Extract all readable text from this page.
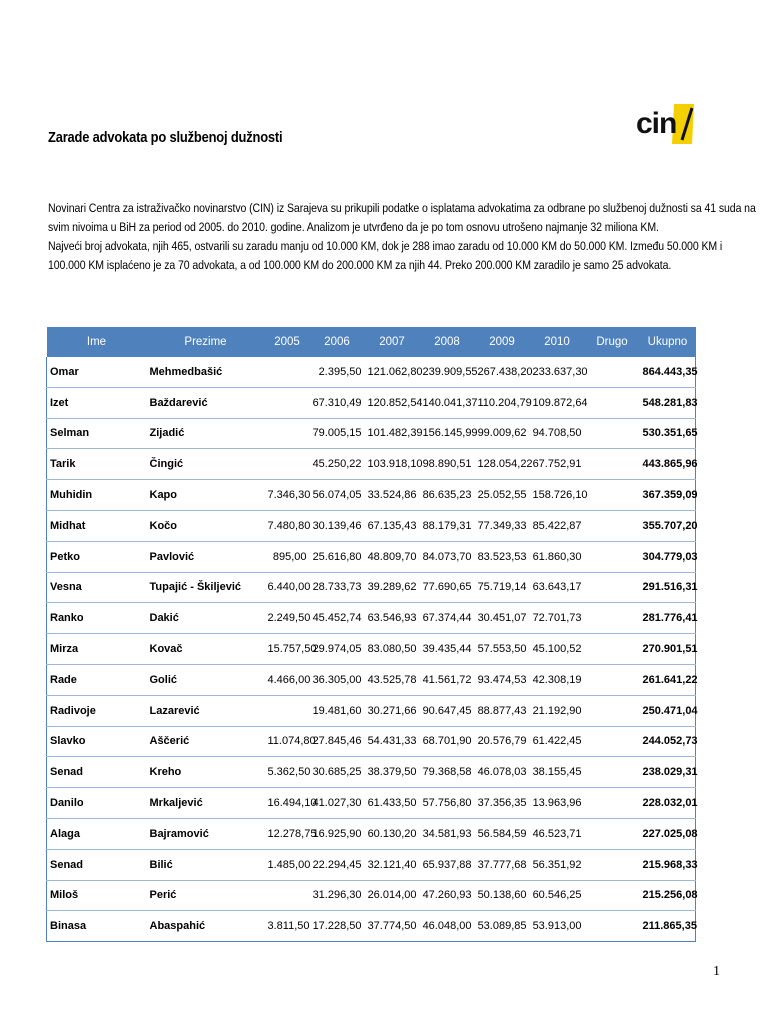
cin
Zarade advokata po službenoj dužnosti

Novinari Centra za istraživačko novinarstvo (CIN) iz Sarajeva su prikupili podatke o isplatama advokatima za odbrane po službenoj dužnosti sa 41 suda na

svim nivoima u BiH za period od 2005. do 2010. godine. Analizom je utvrđeno da je po tom osnovu utrošeno najmanje 32 miliona KM.

Najveći broj advokata, njih 465, ostvarili su zaradu manju od 10.000 KM, dok je 288 imao zaradu od 10.000 KM do 50.000 KM. Između 50.000 KM i

100.000 KM isplaćeno je za 70 advokata, a od 100.000 KM do 200.000 KM za njih 44. Preko 200.000 KM zaradilo je samo 25 advokata.

Ime	Prezime	2005	2006	2007	2008	2009	2010	Drugo	Ukupno
Omar	Mehmedbašić		2.395,50	121.062,80	239.909,55	267.438,20	233.637,30		864.443,35
Izet	Baždarević		67.310,49	120.852,54	140.041,37	110.204,79	109.872,64		548.281,83
Selman	Zijadić		79.005,15	101.482,39	156.145,99	99.009,62	94.708,50		530.351,65
Tarik	Čingić		45.250,22	103.918,10	98.890,51	128.054,22	67.752,91		443.865,96
Muhidin	Kapo	7.346,30	56.074,05	33.524,86	86.635,23	25.052,55	158.726,10		367.359,09
Midhat	Kočo	7.480,80	30.139,46	67.135,43	88.179,31	77.349,33	85.422,87		355.707,20
Petko	Pavlović	895,00	25.616,80	48.809,70	84.073,70	83.523,53	61.860,30		304.779,03
Vesna	Tupajić - Škiljević	6.440,00	28.733,73	39.289,62	77.690,65	75.719,14	63.643,17		291.516,31
Ranko	Dakić	2.249,50	45.452,74	63.546,93	67.374,44	30.451,07	72.701,73		281.776,41
Mirza	Kovač	15.757,50	29.974,05	83.080,50	39.435,44	57.553,50	45.100,52		270.901,51
Rade	Golić	4.466,00	36.305,00	43.525,78	41.561,72	93.474,53	42.308,19		261.641,22
Radivoje	Lazarević		19.481,60	30.271,66	90.647,45	88.877,43	21.192,90		250.471,04
Slavko	Aščerić	11.074,80	27.845,46	54.431,33	68.701,90	20.576,79	61.422,45		244.052,73
Senad	Kreho	5.362,50	30.685,25	38.379,50	79.368,58	46.078,03	38.155,45		238.029,31
Danilo	Mrkaljević	16.494,10	41.027,30	61.433,50	57.756,80	37.356,35	13.963,96		228.032,01
Alaga	Bajramović	12.278,75	16.925,90	60.130,20	34.581,93	56.584,59	46.523,71		227.025,08
Senad	Bilić	1.485,00	22.294,45	32.121,40	65.937,88	37.777,68	56.351,92		215.968,33
Miloš	Perić		31.296,30	26.014,00	47.260,93	50.138,60	60.546,25		215.256,08
Binasa	Abaspahić	3.811,50	17.228,50	37.774,50	46.048,00	53.089,85	53.913,00		211.865,35
1
